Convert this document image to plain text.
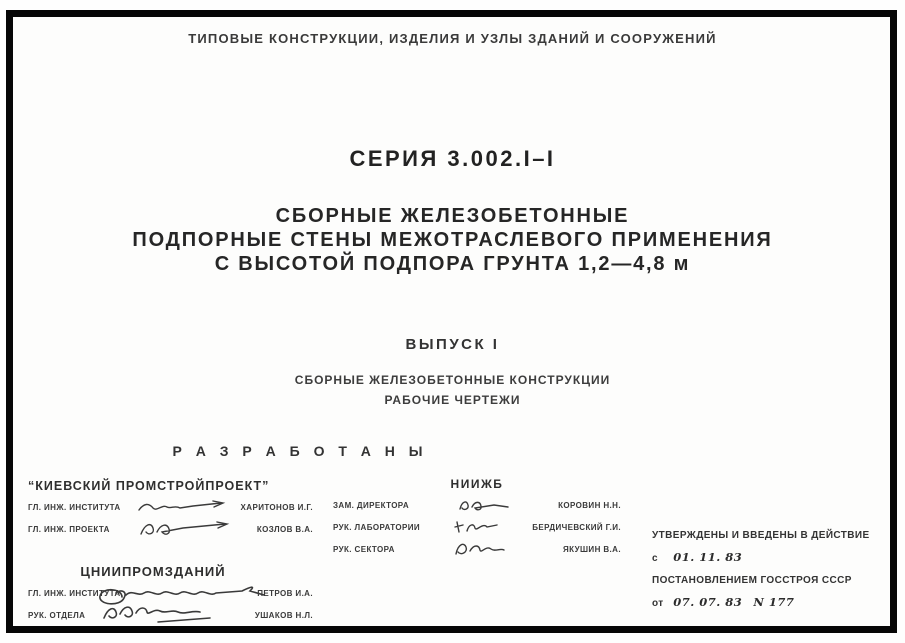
ТИПОВЫЕ КОНСТРУКЦИИ, ИЗДЕЛИЯ И УЗЛЫ ЗДАНИЙ И СООРУЖЕНИЙ
СЕРИЯ 3.002.I–I
СБОРНЫЕ ЖЕЛЕЗОБЕТОННЫЕ
ПОДПОРНЫЕ СТЕНЫ МЕЖОТРАСЛЕВОГО ПРИМЕНЕНИЯ
С ВЫСОТОЙ ПОДПОРА ГРУНТА 1,2—4,8 м
ВЫПУСК I
СБОРНЫЕ ЖЕЛЕЗОБЕТОННЫЕ КОНСТРУКЦИИ
РАБОЧИЕ ЧЕРТЕЖИ
Р А З Р А Б О Т А Н Ы
“КИЕВСКИЙ ПРОМСТРОЙПРОЕКТ”
ГЛ. ИНЖ. ИНСТИТУТА	ХАРИТОНОВ И.Г.
ГЛ. ИНЖ. ПРОЕКТА	КОЗЛОВ В.А.
НИИЖБ
ЗАМ. ДИРЕКТОРА	КОРОВИН Н.Н.
РУК. ЛАБОРАТОРИИ	БЕРДИЧЕВСКИЙ Г.И.
РУК. СЕКТОРА	ЯКУШИН В.А.
ЦНИИПРОМЗДАНИЙ
ГЛ. ИНЖ. ИНСТИТУТА	ПЕТРОВ И.А.
РУК. ОТДЕЛА	УШАКОВ Н.Л.
УТВЕРЖДЕНЫ И ВВЕДЕНЫ В ДЕЙСТВИЕ
с 01. 11. 83
ПОСТАНОВЛЕНИЕМ ГОССТРОЯ СССР
от 07. 07. 83 N 177
